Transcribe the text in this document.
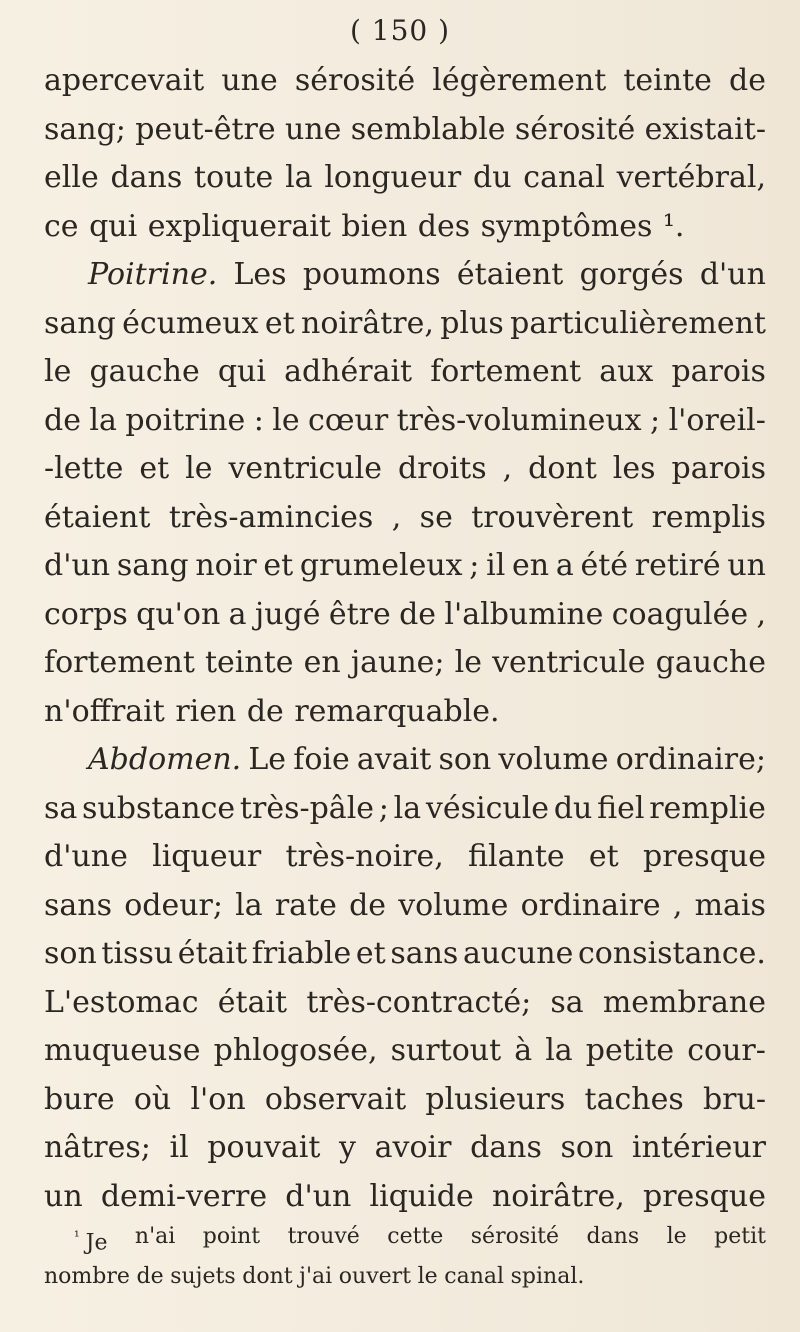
( 150 )
apercevait une sérosité légèrement teinte de
sang; peut-être une semblable sérosité existait-
elle dans toute la longueur du canal vertébral,
ce qui expliquerait bien des symptômes ¹.
Poitrine. Les poumons étaient gorgés d'un
sang écumeux et noirâtre, plus particulièrement
le gauche qui adhérait fortement aux parois
de la poitrine : le cœur très-volumineux ; l'oreil-
-lette et le ventricule droits , dont les parois
étaient très-amincies , se trouvèrent remplis
d'un sang noir et grumeleux ; il en a été retiré un
corps qu'on a jugé être de l'albumine coagulée ,
fortement teinte en jaune; le ventricule gauche
n'offrait rien de remarquable.
Abdomen. Le foie avait son volume ordinaire;
sa substance très-pâle ; la vésicule du fiel remplie
d'une liqueur très-noire, filante et presque
sans odeur; la rate de volume ordinaire , mais
son tissu était friable et sans aucune consistance.
L'estomac était très-contracté; sa membrane
muqueuse phlogosée, surtout à la petite cour-
bure où l'on observait plusieurs taches bru-
nâtres; il pouvait y avoir dans son intérieur
un demi-verre d'un liquide noirâtre, presque
$^{^1}$ Je n'ai point trouvé cette sérosité dans le petit
nombre de sujets dont j'ai ouvert le canal spinal.
